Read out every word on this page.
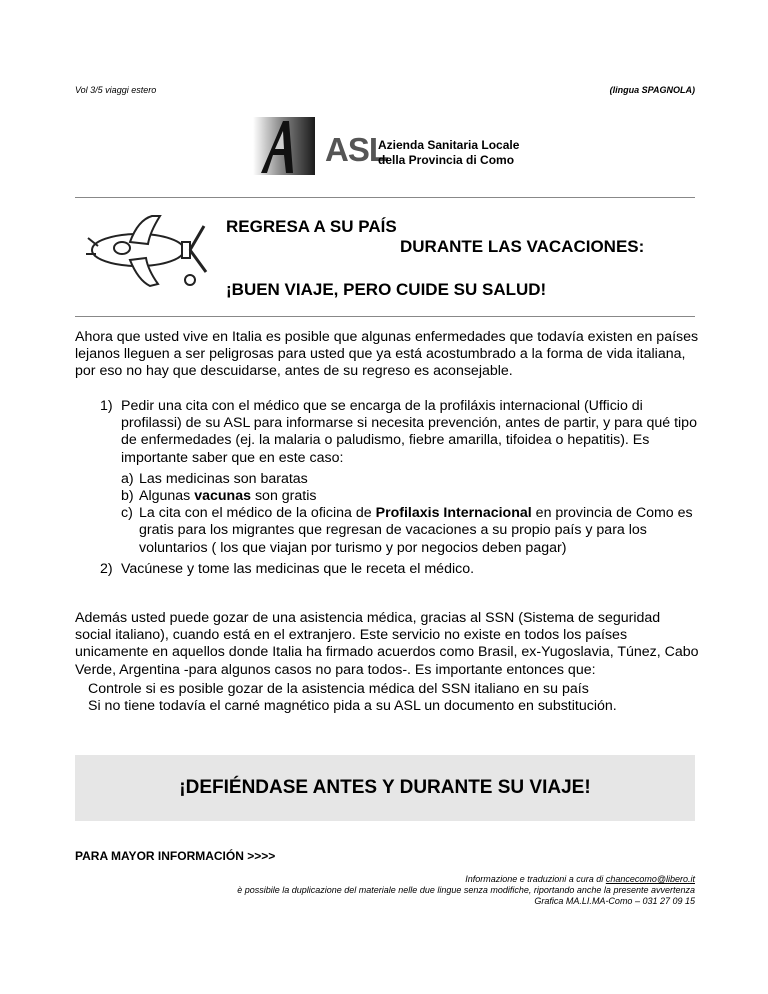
Vol 3/5 viaggi estero	(lingua SPAGNOLA)
ASL
Azienda Sanitaria Locale
della Provincia di Como
REGRESA A SU PAÍS
DURANTE LAS VACACIONES:
¡BUEN VIAJE, PERO CUIDE SU SALUD!
Ahora que usted vive en Italia es posible que algunas enfermedades que todavía existen en países lejanos lleguen a ser peligrosas para usted que ya está acostumbrado a la forma de vida italiana, por eso no hay que descuidarse, antes de su regreso es aconsejable.
1) Pedir una cita con el médico que se encarga de la profiláxis internacional (Ufficio di profilassi) de su ASL para informarse si necesita prevención, antes de partir, y para qué tipo de enfermedades (ej. la malaria o paludismo, fiebre amarilla, tifoidea o hepatitis). Es importante saber que en este caso:
a) Las medicinas son baratas
b) Algunas vacunas son gratis
c) La cita con el médico de la oficina de Profilaxis Internacional en provincia de Como es gratis para los migrantes que regresan de vacaciones a su propio país y para los voluntarios ( los que viajan por turismo y por negocios deben pagar)
2) Vacúnese y tome las medicinas que le receta el médico.
Además usted puede gozar de una asistencia médica, gracias al SSN (Sistema de seguridad social italiano), cuando está en el extranjero. Este servicio no existe en todos los países unicamente en aquellos donde Italia ha firmado acuerdos como Brasil, ex-Yugoslavia, Túnez, Cabo Verde, Argentina -para algunos casos no para todos-. Es importante entonces que:
Controle si es posible gozar de la asistencia médica del SSN italiano en su país
Si no tiene todavía el carné magnético pida a su ASL un documento en substitución.
¡DEFIÉNDASE ANTES Y DURANTE SU VIAJE!
PARA MAYOR INFORMACIÓN >>>>
Informazione e traduzioni a cura di chancecomo@libero.it
è possibile la duplicazione del materiale nelle due lingue senza modifiche, riportando anche la presente avvertenza
Grafica MA.LI.MA-Como – 031 27 09 15
